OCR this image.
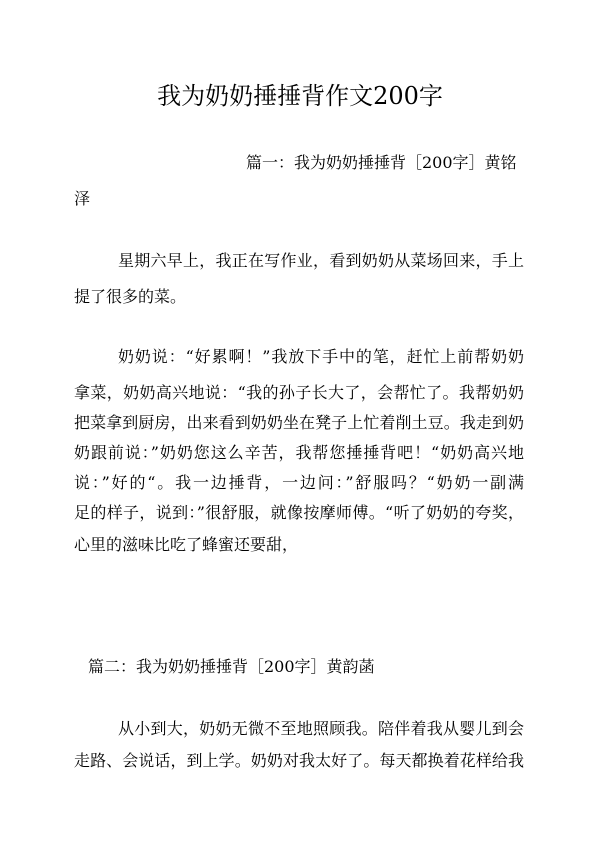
我为奶奶捶捶背作文200字

篇一：我为奶奶捶捶背［200字］黄铭

泽

星期六早上，我正在写作业，看到奶奶从菜场回来，手上

提了很多的菜。

奶奶说：“好累啊！”我放下手中的笔，赶忙上前帮奶奶

拿菜，奶奶高兴地说：“我的孙子长大了，会帮忙了。我帮奶奶

把菜拿到厨房，出来看到奶奶坐在凳子上忙着削土豆。我走到奶

奶跟前说：”奶奶您这么辛苦，我帮您捶捶背吧！“奶奶高兴地

说：”好的“。我一边捶背，一边问：”舒服吗？“奶奶一副满

足的样子，说到：”很舒服，就像按摩师傅。“听了奶奶的夸奖，

心里的滋味比吃了蜂蜜还要甜，

篇二：我为奶奶捶捶背［200字］黄韵菡

从小到大，奶奶无微不至地照顾我。陪伴着我从婴儿到会

走路、会说话，到上学。奶奶对我太好了。每天都换着花样给我
